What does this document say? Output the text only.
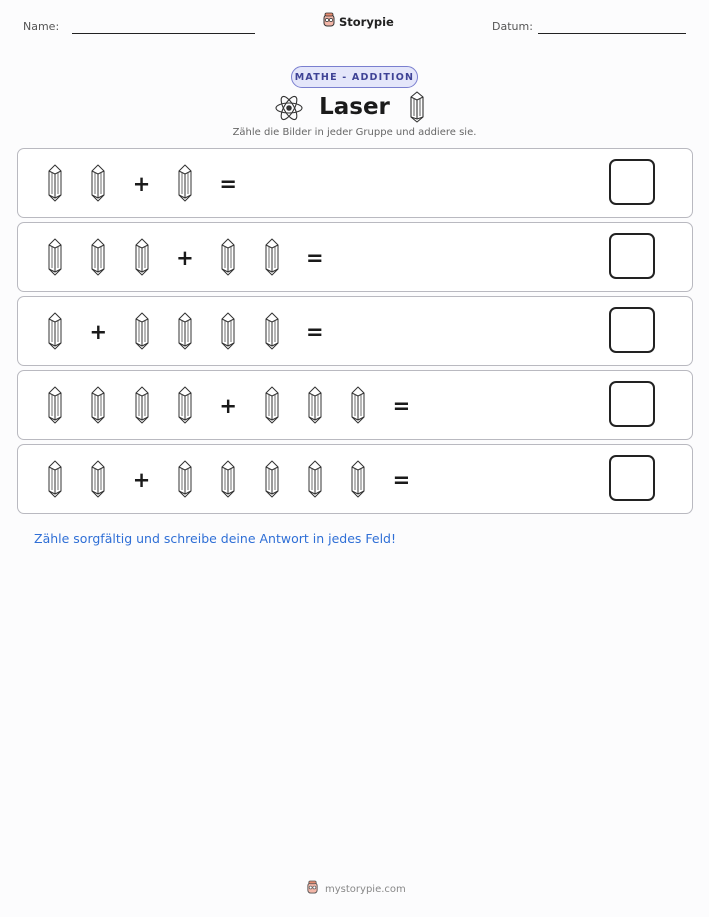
Name:	Storypie	Datum:
MATHE - ADDITION
Laser
Zähle die Bilder in jeder Gruppe und addiere sie.
+	=
+	=
+	=
+	=
+	=
Zähle sorgfältig und schreibe deine Antwort in jedes Feld!
mystorypie.com
